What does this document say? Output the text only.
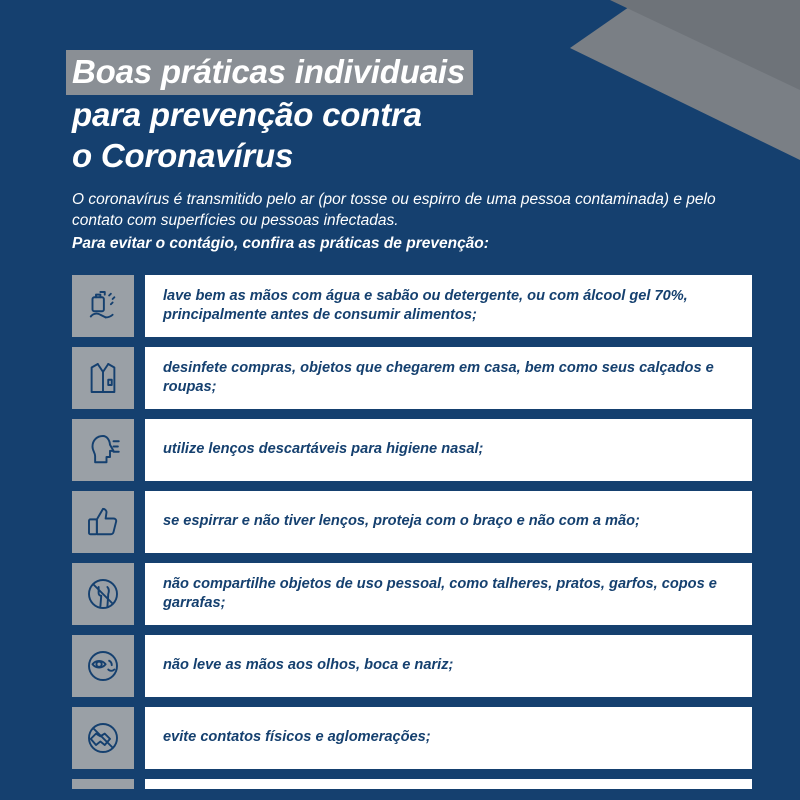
Boas práticas individuais
para prevenção contra
o Coronavírus

O coronavírus é transmitido pelo ar (por tosse ou espirro de uma pessoa contaminada) e pelo contato com superfícies ou pessoas infectadas.
Para evitar o contágio, confira as práticas de prevenção:

lave bem as mãos com água e sabão ou detergente, ou com álcool gel 70%, principalmente antes de consumir alimentos;
desinfete compras, objetos que chegarem em casa, bem como seus calçados e roupas;
utilize lenços descartáveis para higiene nasal;
se espirrar e não tiver lenços, proteja com o braço e não com a mão;
não compartilhe objetos de uso pessoal, como talheres, pratos, garfos, copos e garrafas;
não leve as mãos aos olhos, boca e nariz;
evite contatos físicos e aglomerações;
